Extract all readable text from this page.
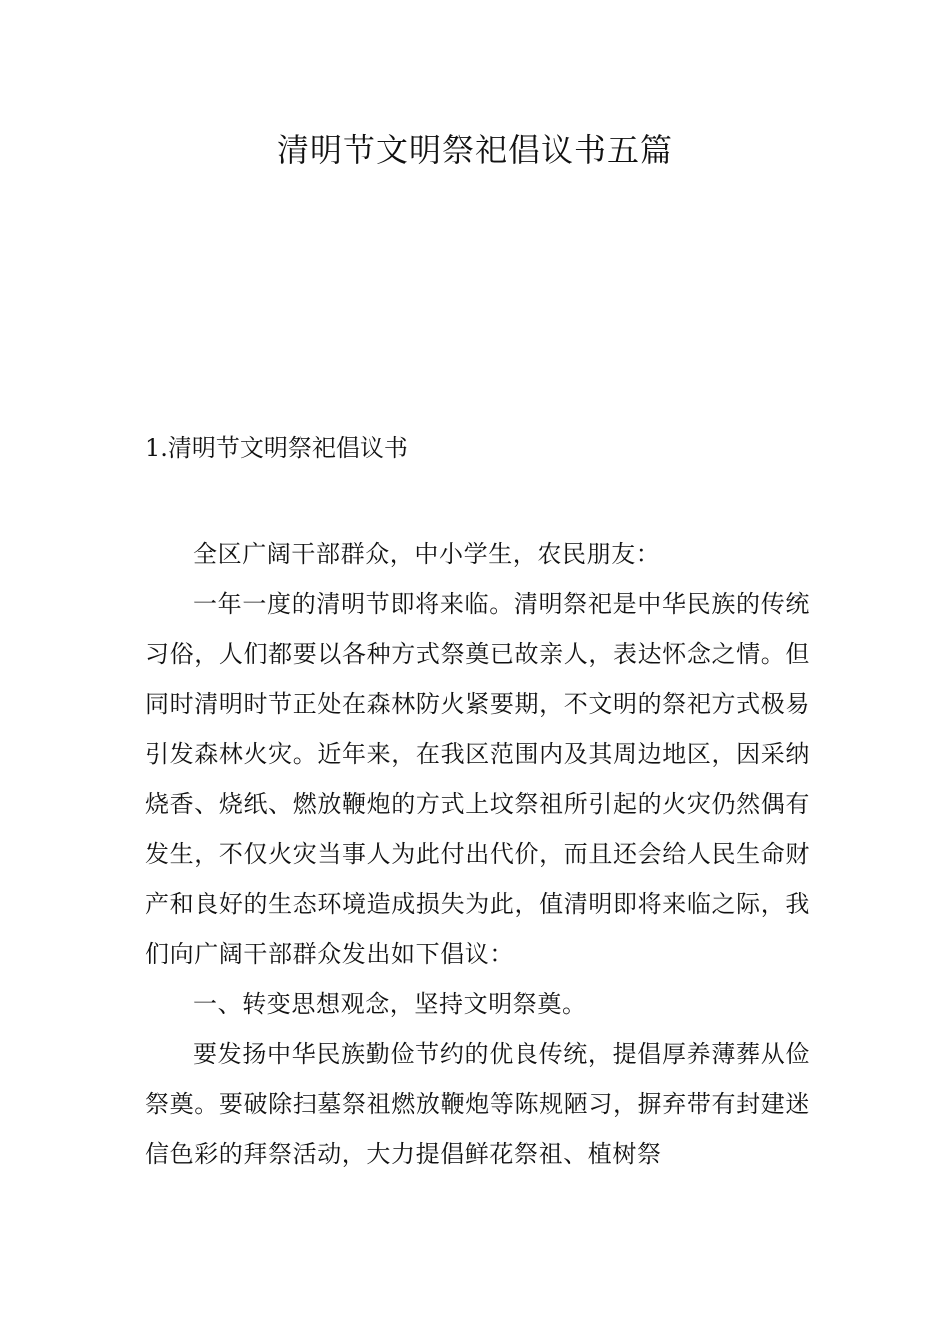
清明节文明祭祀倡议书五篇
1.清明节文明祭祀倡议书

全区广阔干部群众，中小学生，农民朋友：

一年一度的清明节即将来临。清明祭祀是中华民族的传统习俗，人们都要以各种方式祭奠已故亲人，表达怀念之情。但同时清明时节正处在森林防火紧要期，不文明的祭祀方式极易引发森林火灾。近年来，在我区范围内及其周边地区，因采纳烧香、烧纸、燃放鞭炮的方式上坟祭祖所引起的火灾仍然偶有发生，不仅火灾当事人为此付出代价，而且还会给人民生命财产和良好的生态环境造成损失为此，值清明即将来临之际，我们向广阔干部群众发出如下倡议：

一、转变思想观念，坚持文明祭奠。

要发扬中华民族勤俭节约的优良传统，提倡厚养薄葬从俭祭奠。要破除扫墓祭祖燃放鞭炮等陈规陋习，摒弃带有封建迷信色彩的拜祭活动，大力提倡鲜花祭祖、植树祭
